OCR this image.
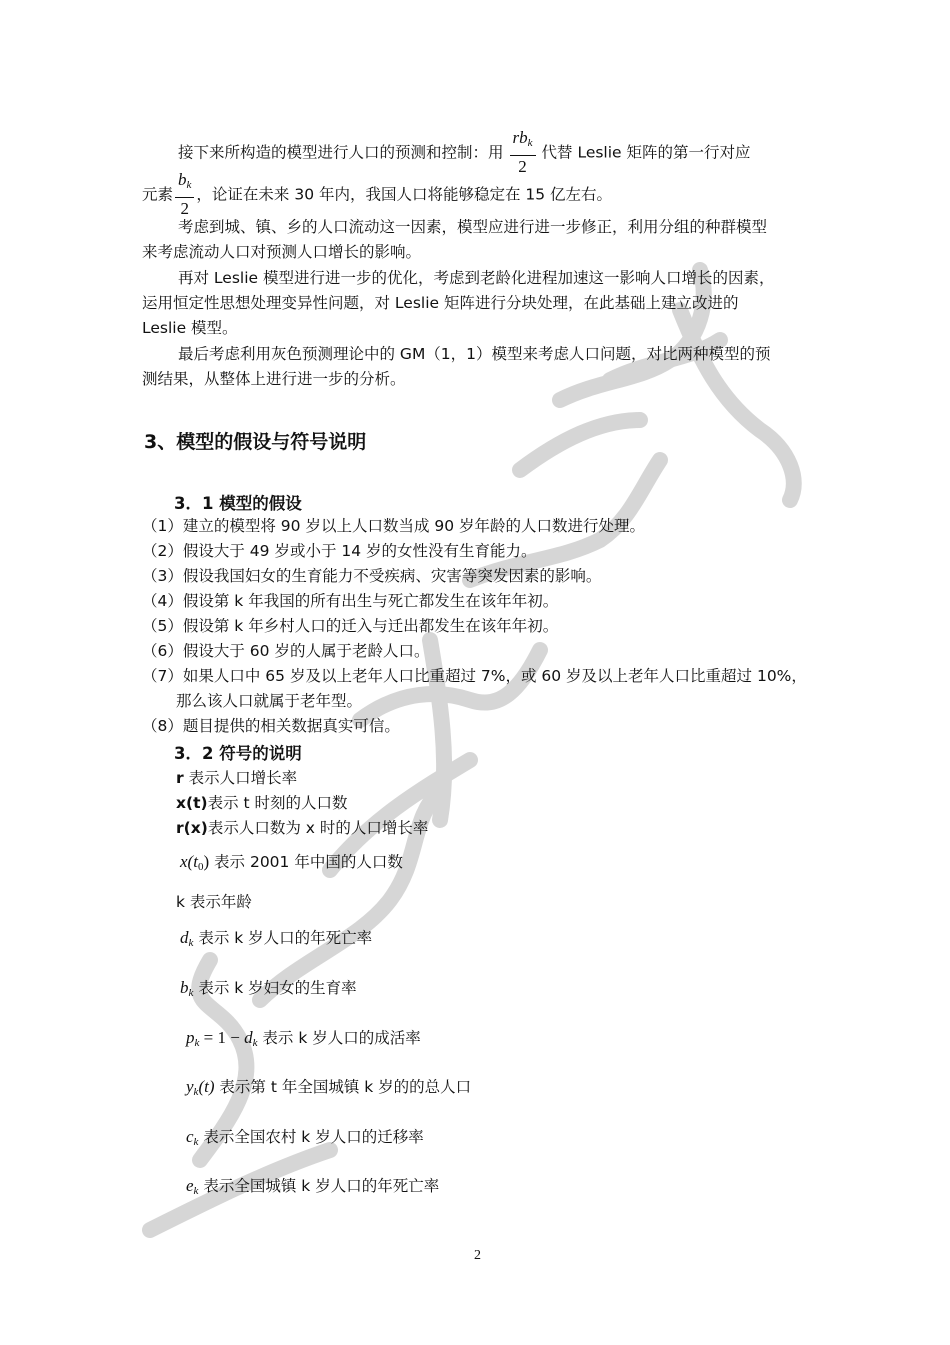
接下来所构造的模型进行人口的预测和控制：用 $\frac{rb_k}{2}$ 代替 Leslie 矩阵的第一行对应
元素 $\frac{b_k}{2}$ ，论证在未来 30 年内，我国人口将能够稳定在 15 亿左右。
考虑到城、镇、乡的人口流动这一因素，模型应进行进一步修正，利用分组的种群模型
来考虑流动人口对预测人口增长的影响。
再对 Leslie 模型进行进一步的优化，考虑到老龄化进程加速这一影响人口增长的因素，
运用恒定性思想处理变异性问题，对 Leslie 矩阵进行分块处理，在此基础上建立改进的
Leslie 模型。
最后考虑利用灰色预测理论中的 GM（1，1）模型来考虑人口问题，对比两种模型的预
测结果，从整体上进行进一步的分析。
3、模型的假设与符号说明
3．1 模型的假设
（1）建立的模型将 90 岁以上人口数当成 90 岁年龄的人口数进行处理。
（2）假设大于 49 岁或小于 14 岁的女性没有生育能力。
（3）假设我国妇女的生育能力不受疾病、灾害等突发因素的影响。
（4）假设第 k 年我国的所有出生与死亡都发生在该年年初。
（5）假设第 k 年乡村人口的迁入与迁出都发生在该年年初。
（6）假设大于 60 岁的人属于老龄人口。
（7）如果人口中 65 岁及以上老年人口比重超过 7%，或 60 岁及以上老年人口比重超过 10%，
那么该人口就属于老年型。
（8）题目提供的相关数据真实可信。
3．2 符号的说明
r 表示人口增长率
x(t)表示 t 时刻的人口数
r(x)表示人口数为 x 时的人口增长率
$x(t_0)$ 表示 2001 年中国的人口数
k 表示年龄
$d_k$ 表示 k 岁人口的年死亡率
$b_k$ 表示 k 岁妇女的生育率
$p_k = 1 - d_k$ 表示 k 岁人口的成活率
$y_k(t)$ 表示第 t 年全国城镇 k 岁的的总人口
$c_k$ 表示全国农村 k 岁人口的迁移率
$e_k$ 表示全国城镇 k 岁人口的年死亡率
2
